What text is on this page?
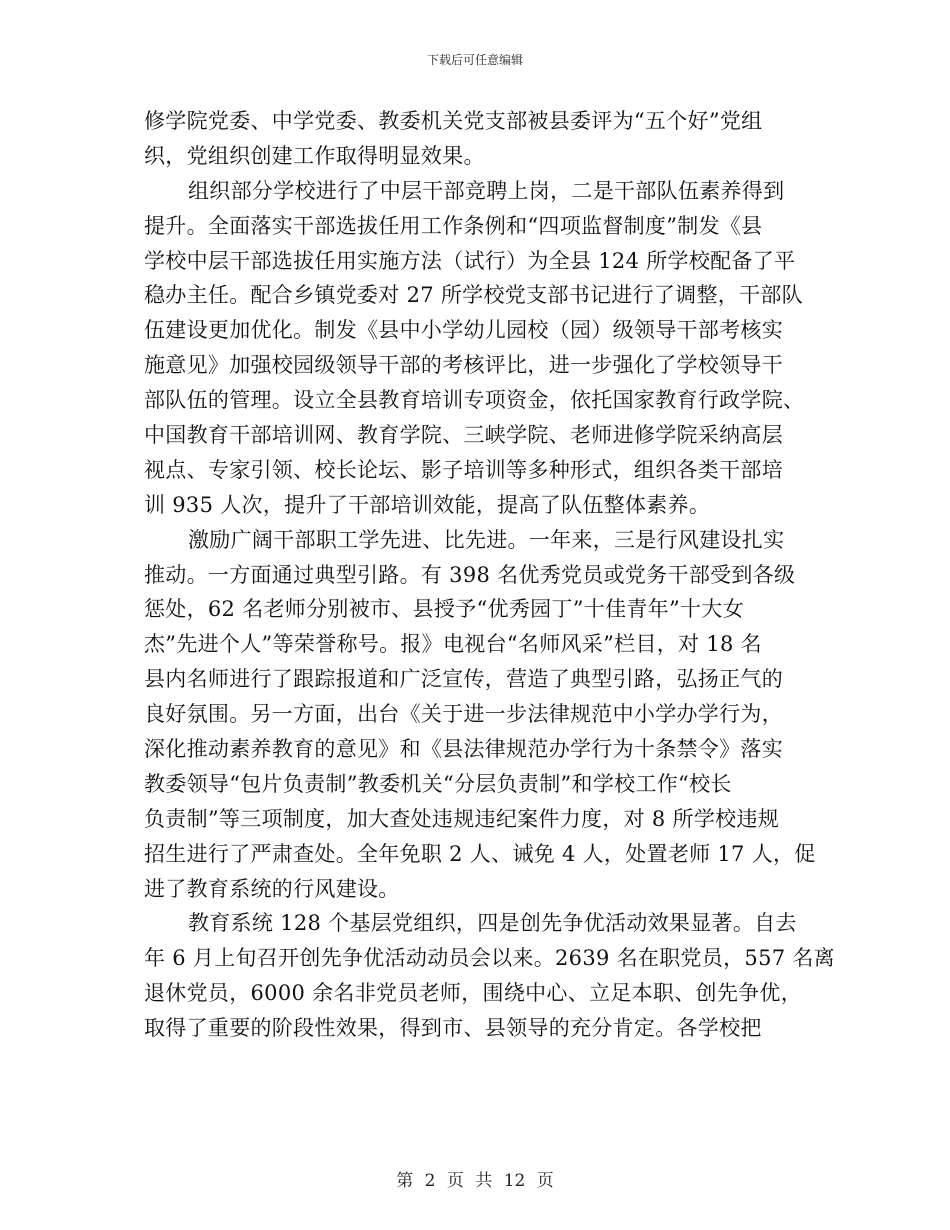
下载后可任意编辑
修学院党委、中学党委、教委机关党支部被县委评为“五个好”党组
织，党组织创建工作取得明显效果。
组织部分学校进行了中层干部竞聘上岗，二是干部队伍素养得到
提升。全面落实干部选拔任用工作条例和“四项监督制度”制发《县
学校中层干部选拔任用实施方法（试行）为全县 124 所学校配备了平
稳办主任。配合乡镇党委对 27 所学校党支部书记进行了调整，干部队
伍建设更加优化。制发《县中小学幼儿园校（园）级领导干部考核实
施意见》加强校园级领导干部的考核评比，进一步强化了学校领导干
部队伍的管理。设立全县教育培训专项资金，依托国家教育行政学院、
中国教育干部培训网、教育学院、三峡学院、老师进修学院采纳高层
视点、专家引领、校长论坛、影子培训等多种形式，组织各类干部培
训 935 人次，提升了干部培训效能，提高了队伍整体素养。
激励广阔干部职工学先进、比先进。一年来，三是行风建设扎实
推动。一方面通过典型引路。有 398 名优秀党员或党务干部受到各级
惩处，62 名老师分别被市、县授予“优秀园丁”十佳青年”十大女
杰”先进个人”等荣誉称号。报》电视台“名师风采”栏目，对 18 名
县内名师进行了跟踪报道和广泛宣传，营造了典型引路，弘扬正气的
良好氛围。另一方面，出台《关于进一步法律规范中小学办学行为，
深化推动素养教育的意见》和《县法律规范办学行为十条禁令》落实
教委领导“包片负责制”教委机关“分层负责制”和学校工作“校长
负责制”等三项制度，加大查处违规违纪案件力度，对 8 所学校违规
招生进行了严肃查处。全年免职 2 人、诫免 4 人，处置老师 17 人，促
进了教育系统的行风建设。
教育系统 128 个基层党组织，四是创先争优活动效果显著。自去
年 6 月上旬召开创先争优活动动员会以来。2639 名在职党员，557 名离
退休党员，6000 余名非党员老师，围绕中心、立足本职、创先争优，
取得了重要的阶段性效果，得到市、县领导的充分肯定。各学校把
第 2 页 共 12 页
